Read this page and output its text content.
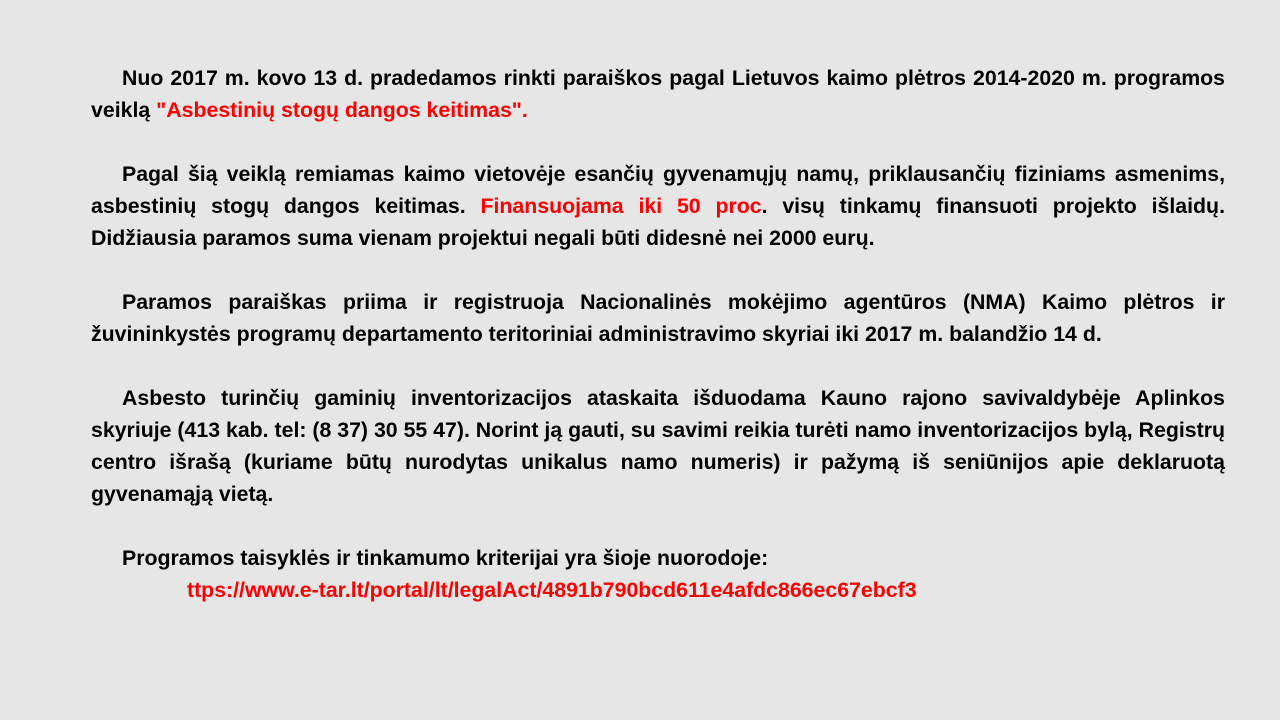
Nuo 2017 m. kovo 13 d. pradedamos rinkti paraiškos pagal Lietuvos kaimo plėtros 2014-2020 m. programos veiklą "Asbestinių stogų dangos keitimas".

Pagal šią veiklą remiamas kaimo vietovėje esančių gyvenamųjų namų, priklausančių fiziniams asmenims, asbestinių stogų dangos keitimas. Finansuojama iki 50 proc. visų tinkamų finansuoti projekto išlaidų. Didžiausia paramos suma vienam projektui negali būti didesnė nei 2000 eurų.

Paramos paraiškas priima ir registruoja Nacionalinės mokėjimo agentūros (NMA) Kaimo plėtros ir žuvininkystės programų departamento teritoriniai administravimo skyriai iki 2017 m. balandžio 14 d.

Asbesto turinčių gaminių inventorizacijos ataskaita išduodama Kauno rajono savivaldybėje Aplinkos skyriuje (413 kab. tel: (8 37) 30 55 47). Norint ją gauti, su savimi reikia turėti namo inventorizacijos bylą, Registrų centro išrašą (kuriame būtų nurodytas unikalus namo numeris) ir pažymą iš seniūnijos apie deklaruotą gyvenamąją vietą.

Programos taisyklės ir tinkamumo kriterijai yra šioje nuorodoje:
ttps://www.e-tar.lt/portal/lt/legalAct/4891b790bcd611e4afdc866ec67ebcf3
